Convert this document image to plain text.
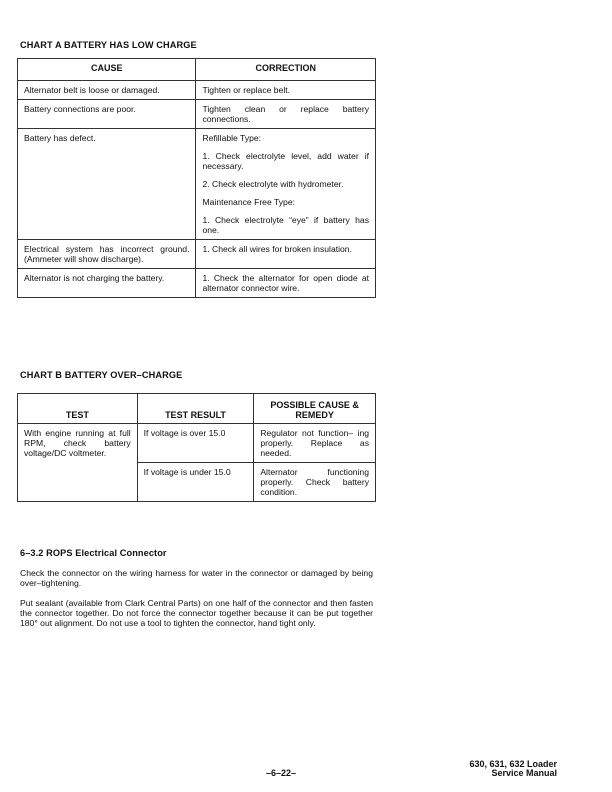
CHART A BATTERY HAS LOW CHARGE
CAUSE	CORRECTION
Alternator belt is loose or damaged.	Tighten or replace belt.
Battery connections are poor.	Tighten clean or replace battery connections.
Battery has defect.	Refillable Type:

1. Check electrolyte level, add water if necessary.

2. Check electrolyte with hydrometer.

Maintenance Free Type:

1. Check electrolyte “eye” if battery has one.

Electrical system has incorrect ground. (Ammeter will show discharge).	1. Check all wires for broken insulation.
Alternator is not charging the battery.	1. Check the alternator for open diode at alternator connector wire.
CHART B BATTERY OVER–CHARGE
TEST	TEST RESULT	POSSIBLE CAUSE & REMEDY
With engine running at full RPM, check battery voltage/DC voltmeter.	If voltage is over 15.0	Regulator not function– ing properly. Replace as needed.
	If voltage is under 15.0	Alternator functioning properly. Check battery condition.
6–3.2 ROPS Electrical Connector
Check the connector on the wiring harness for water in the connector or damaged by being over–tightening.
Put sealant (available from Clark Central Parts) on one half of the connector and then fasten the connector together. Do not force the connector together because it can be put together 180° out alignment. Do not use a tool to tighten the connector, hand tight only.
–6–22–
630, 631, 632 Loader
Service Manual
